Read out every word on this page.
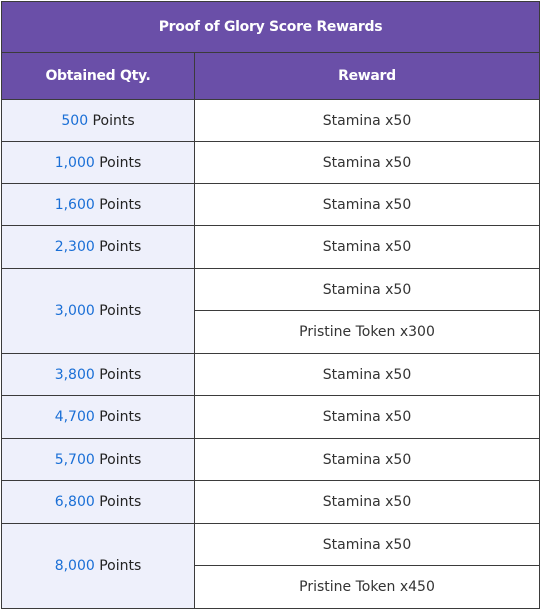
Proof of Glory Score Rewards	
Obtained Qty.	Reward
500 Points	Stamina x50
1,000 Points	Stamina x50
1,600 Points	Stamina x50
2,300 Points	Stamina x50
3,000 Points	Stamina x50
	Pristine Token x300
3,800 Points	Stamina x50
4,700 Points	Stamina x50
5,700 Points	Stamina x50
6,800 Points	Stamina x50
8,000 Points	Stamina x50
	Pristine Token x450
